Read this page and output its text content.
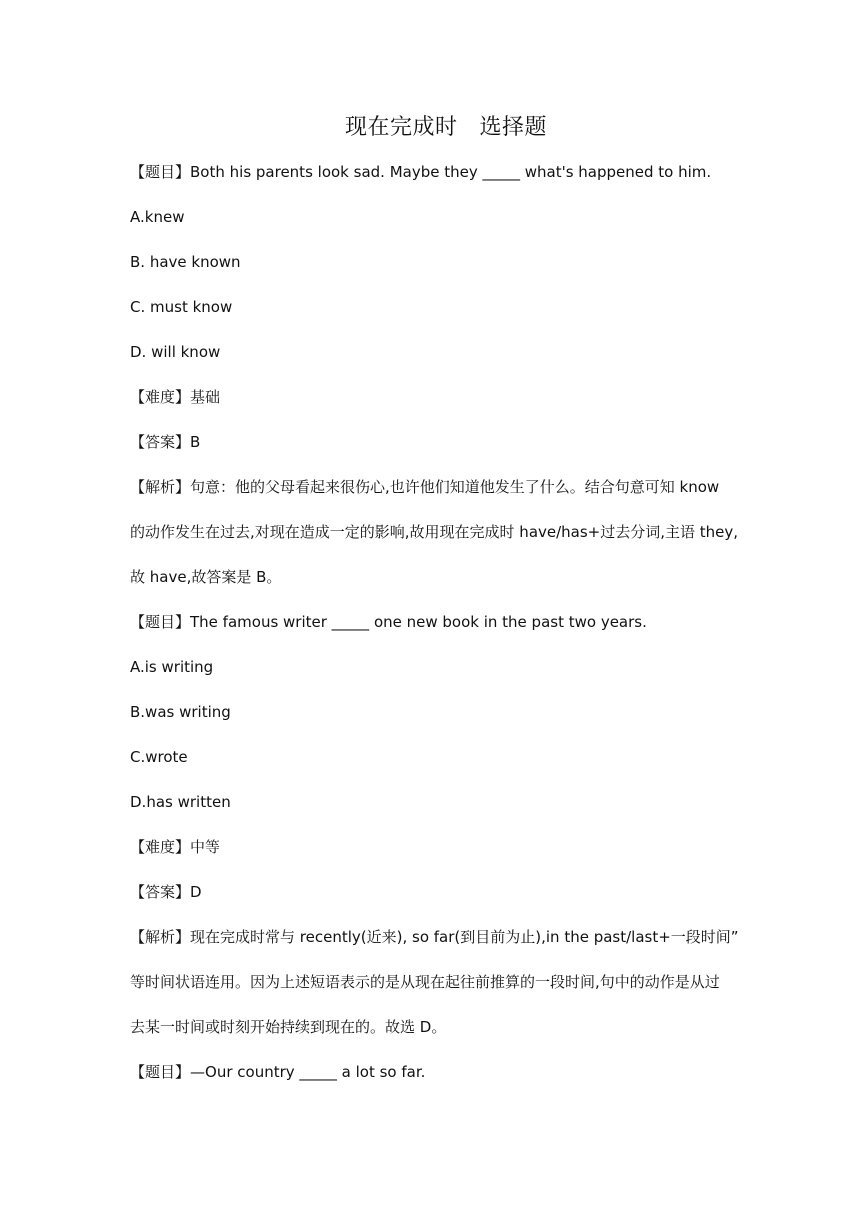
现在完成时 选择题
【题目】Both his parents look sad. Maybe they _____ what's happened to him.
A.knew
B. have known
C. must know
D. will know
【难度】基础
【答案】B
【解析】句意：他的父母看起来很伤心,也许他们知道他发生了什么。结合句意可知 know
的动作发生在过去,对现在造成一定的影响,故用现在完成时 have/has+过去分词,主语 they,
故 have,故答案是 B。
【题目】The famous writer _____ one new book in the past two years.
A.is writing
B.was writing
C.wrote
D.has written
【难度】中等
【答案】D
【解析】现在完成时常与 recently(近来), so far(到目前为止),in the past/last+一段时间”
等时间状语连用。因为上述短语表示的是从现在起往前推算的一段时间,句中的动作是从过
去某一时间或时刻开始持续到现在的。故选 D。
【题目】—Our country _____ a lot so far.
